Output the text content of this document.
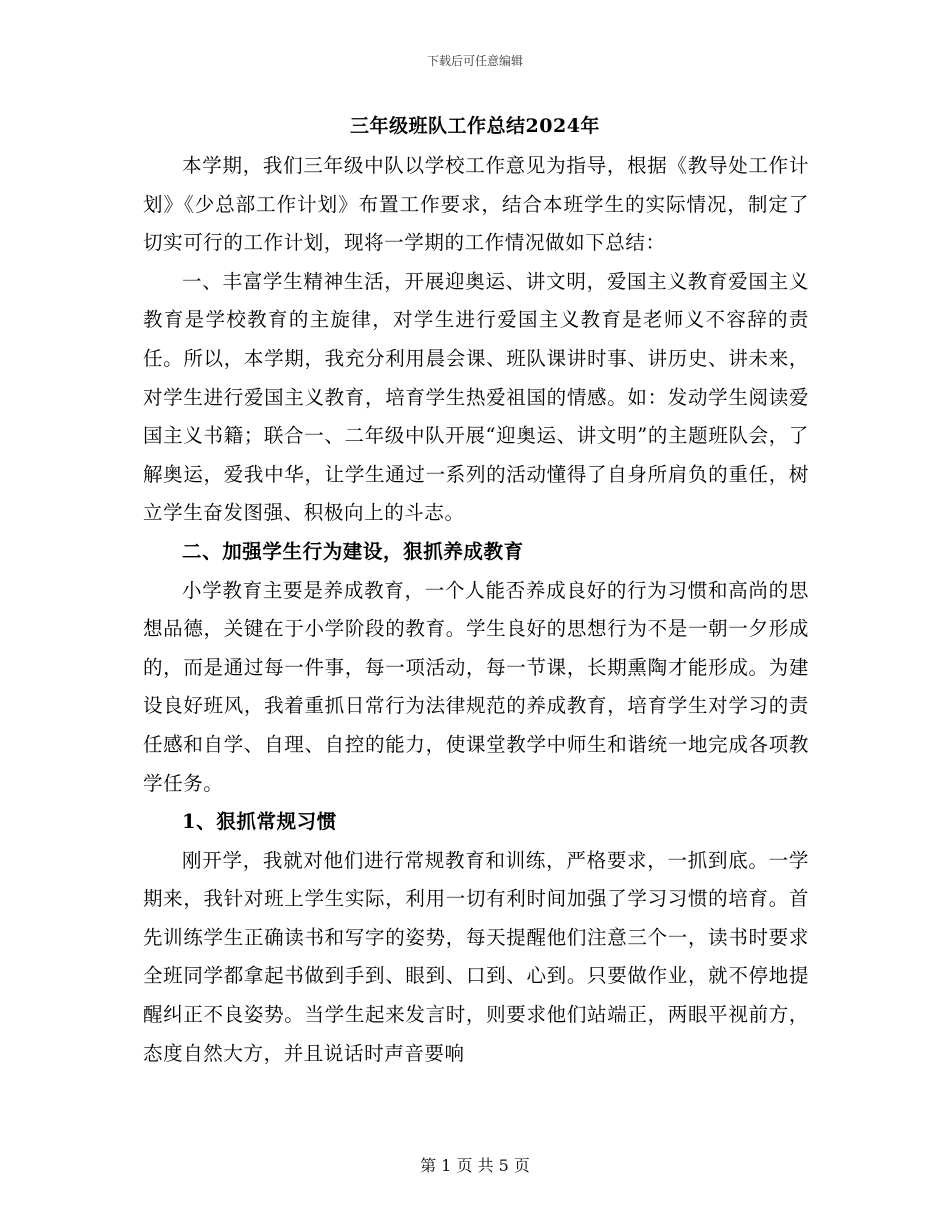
下载后可任意编辑
三年级班队工作总结2024年

本学期，我们三年级中队以学校工作意见为指导，根据《教导处工作计划》《少总部工作计划》布置工作要求，结合本班学生的实际情况，制定了切实可行的工作计划，现将一学期的工作情况做如下总结：

一、丰富学生精神生活，开展迎奥运、讲文明，爱国主义教育爱国主义教育是学校教育的主旋律，对学生进行爱国主义教育是老师义不容辞的责任。所以，本学期，我充分利用晨会课、班队课讲时事、讲历史、讲未来，对学生进行爱国主义教育，培育学生热爱祖国的情感。如：发动学生阅读爱国主义书籍；联合一、二年级中队开展“迎奥运、讲文明”的主题班队会，了解奥运，爱我中华，让学生通过一系列的活动懂得了自身所肩负的重任，树立学生奋发图强、积极向上的斗志。

二、加强学生行为建设，狠抓养成教育

小学教育主要是养成教育，一个人能否养成良好的行为习惯和高尚的思想品德，关键在于小学阶段的教育。学生良好的思想行为不是一朝一夕形成的，而是通过每一件事，每一项活动，每一节课，长期熏陶才能形成。为建设良好班风，我着重抓日常行为法律规范的养成教育，培育学生对学习的责任感和自学、自理、自控的能力，使课堂教学中师生和谐统一地完成各项教学任务。

1、狠抓常规习惯

刚开学，我就对他们进行常规教育和训练，严格要求，一抓到底。一学期来，我针对班上学生实际，利用一切有利时间加强了学习习惯的培育。首先训练学生正确读书和写字的姿势，每天提醒他们注意三个一，读书时要求全班同学都拿起书做到手到、眼到、口到、心到。只要做作业，就不停地提醒纠正不良姿势。当学生起来发言时，则要求他们站端正，两眼平视前方，态度自然大方，并且说话时声音要响

第 1 页 共 5 页
